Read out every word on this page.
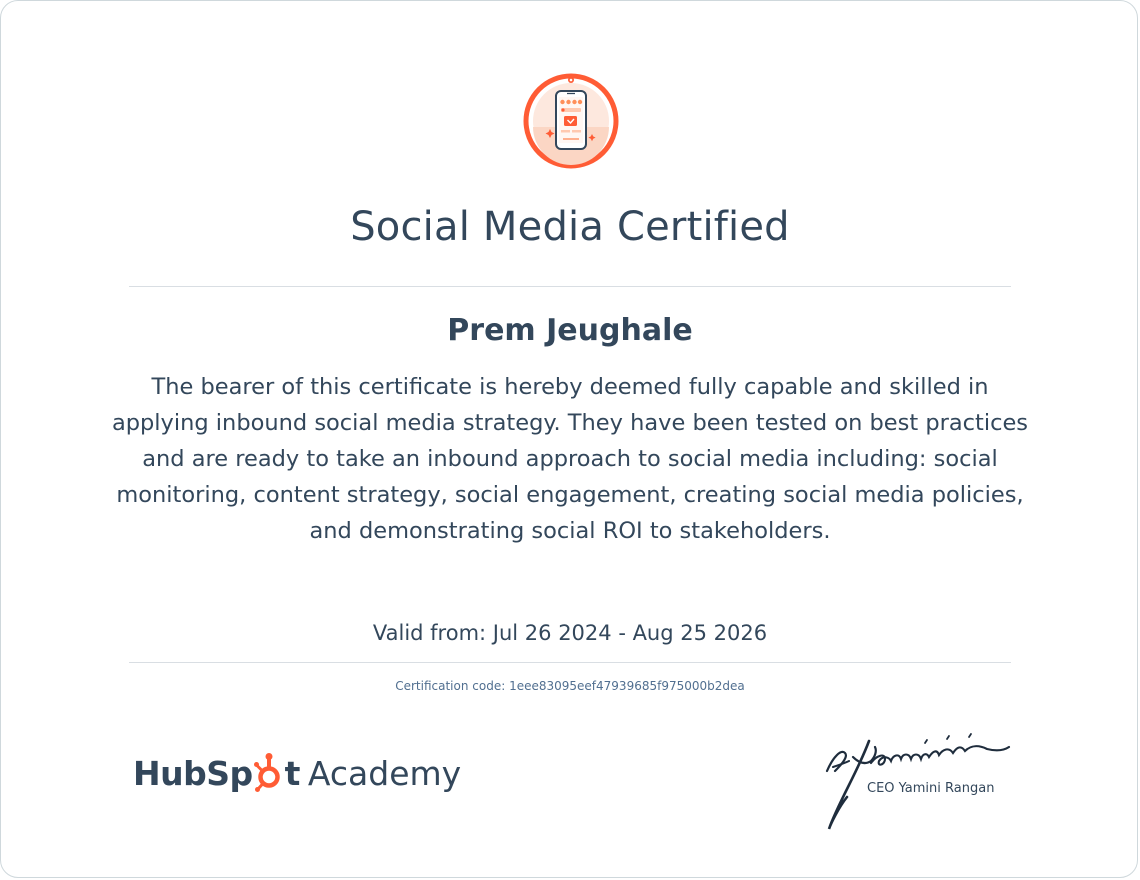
Social Media Certified
Prem Jeughale

The bearer of this certificate is hereby deemed fully capable and skilled in applying inbound social media strategy. They have been tested on best practices and are ready to take an inbound approach to social media including: social monitoring, content strategy, social engagement, creating social media policies, and demonstrating social ROI to stakeholders.

Valid from: Jul 26 2024 - Aug 25 2026
Certification code: 1eee83095eef47939685f975000b2dea
HubSp t Academy	CEO Yamini Rangan
